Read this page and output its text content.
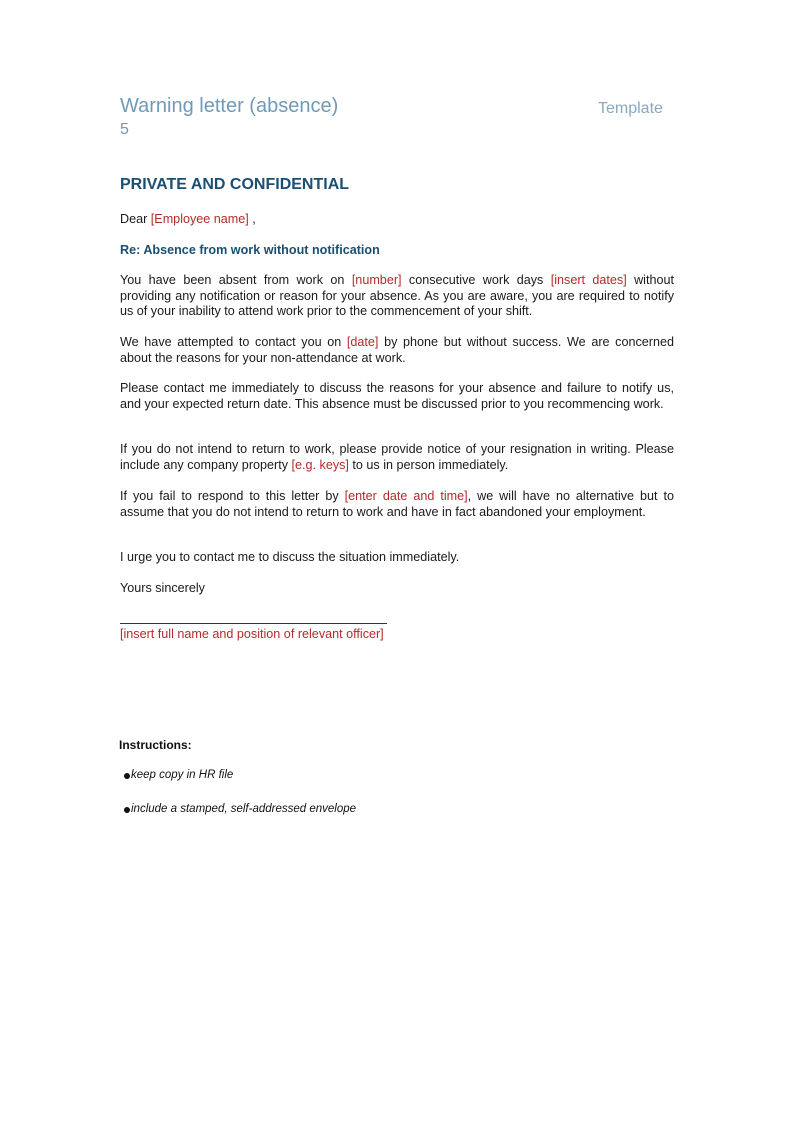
Warning letter (absence)	Template
5
PRIVATE AND CONFIDENTIAL
Dear [Employee name] ,
Re: Absence from work without notification
You have been absent from work on [number] consecutive work days [insert dates] without providing any notification or reason for your absence. As you are aware, you are required to notify us of your inability to attend work prior to the commencement of your shift.
We have attempted to contact you on [date] by phone but without success. We are concerned about the reasons for your non-attendance at work.
Please contact me immediately to discuss the reasons for your absence and failure to notify us, and your expected return date. This absence must be discussed prior to you recommencing work.
If you do not intend to return to work, please provide notice of your resignation in writing. Please include any company property [e.g. keys] to us in person immediately.
If you fail to respond to this letter by [enter date and time], we will have no alternative but to assume that you do not intend to return to work and have in fact abandoned your employment.
I urge you to contact me to discuss the situation immediately.
Yours sincerely
[insert full name and position of relevant officer]
Instructions:
keep copy in HR file
include a stamped, self-addressed envelope
